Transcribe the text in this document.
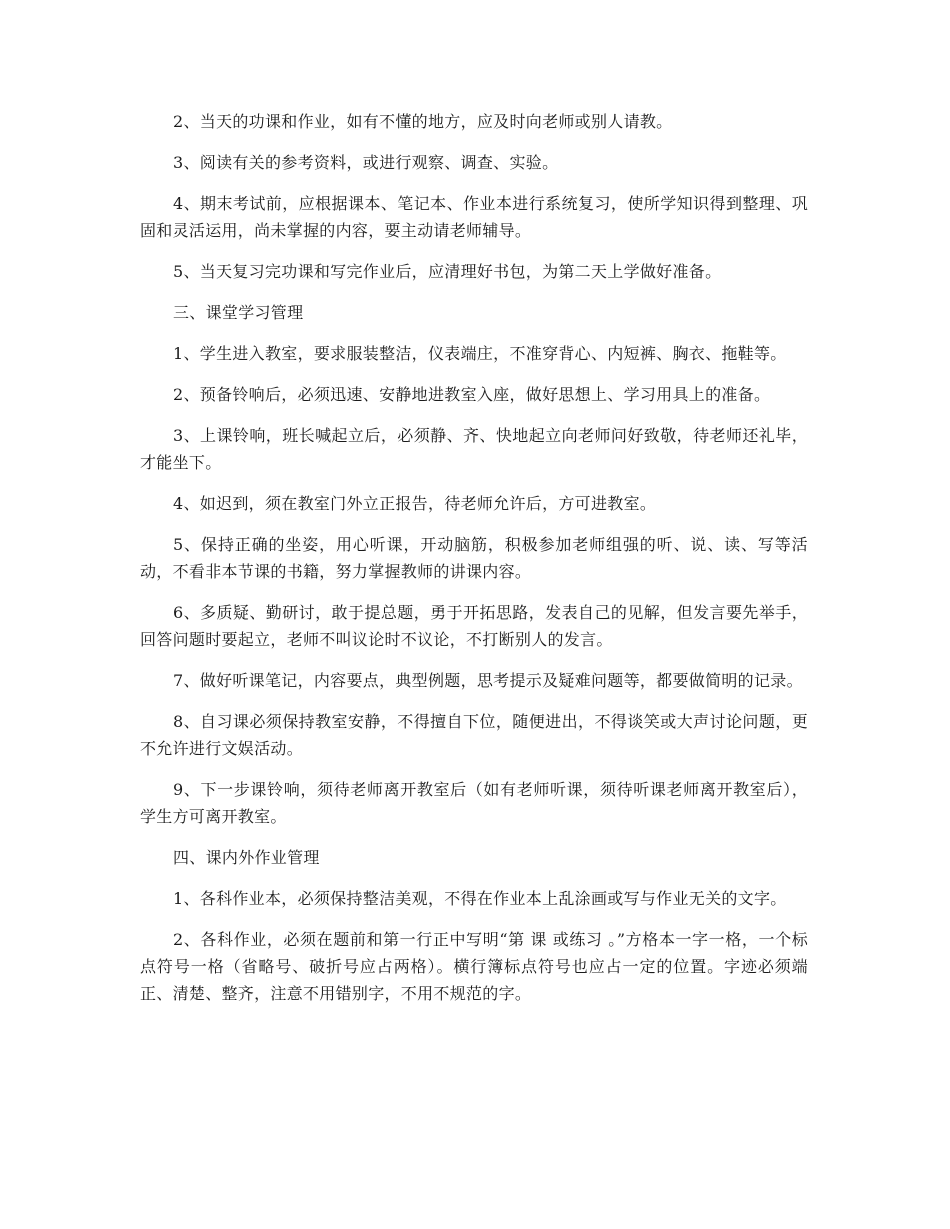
2、当天的功课和作业，如有不懂的地方，应及时向老师或别人请教。

3、阅读有关的参考资料，或进行观察、调查、实验。

4、期末考试前，应根据课本、笔记本、作业本进行系统复习，使所学知识得到整理、巩固和灵活运用，尚未掌握的内容，要主动请老师辅导。

5、当天复习完功课和写完作业后，应清理好书包，为第二天上学做好准备。

三、课堂学习管理

1、学生进入教室，要求服装整洁，仪表端庄，不准穿背心、内短裤、胸衣、拖鞋等。

2、预备铃响后，必须迅速、安静地进教室入座，做好思想上、学习用具上的准备。

3、上课铃响，班长喊起立后，必须静、齐、快地起立向老师问好致敬，待老师还礼毕，才能坐下。

4、如迟到，须在教室门外立正报告，待老师允许后，方可进教室。

5、保持正确的坐姿，用心听课，开动脑筋，积极参加老师组强的听、说、读、写等活动，不看非本节课的书籍，努力掌握教师的讲课内容。

6、多质疑、勤研讨，敢于提总题，勇于开拓思路，发表自己的见解，但发言要先举手，回答问题时要起立，老师不叫议论时不议论，不打断别人的发言。

7、做好听课笔记，内容要点，典型例题，思考提示及疑难问题等，都要做简明的记录。

8、自习课必须保持教室安静，不得擅自下位，随便进出，不得谈笑或大声讨论问题，更不允许进行文娱活动。

9、下一步课铃响，须待老师离开教室后（如有老师听课，须待听课老师离开教室后），学生方可离开教室。

四、课内外作业管理

1、各科作业本，必须保持整洁美观，不得在作业本上乱涂画或写与作业无关的文字。

2、各科作业，必须在题前和第一行正中写明“第 课 或练习 。”方格本一字一格，一个标点符号一格（省略号、破折号应占两格）。横行簿标点符号也应占一定的位置。字迹必须端正、清楚、整齐，注意不用错别字，不用不规范的字。
